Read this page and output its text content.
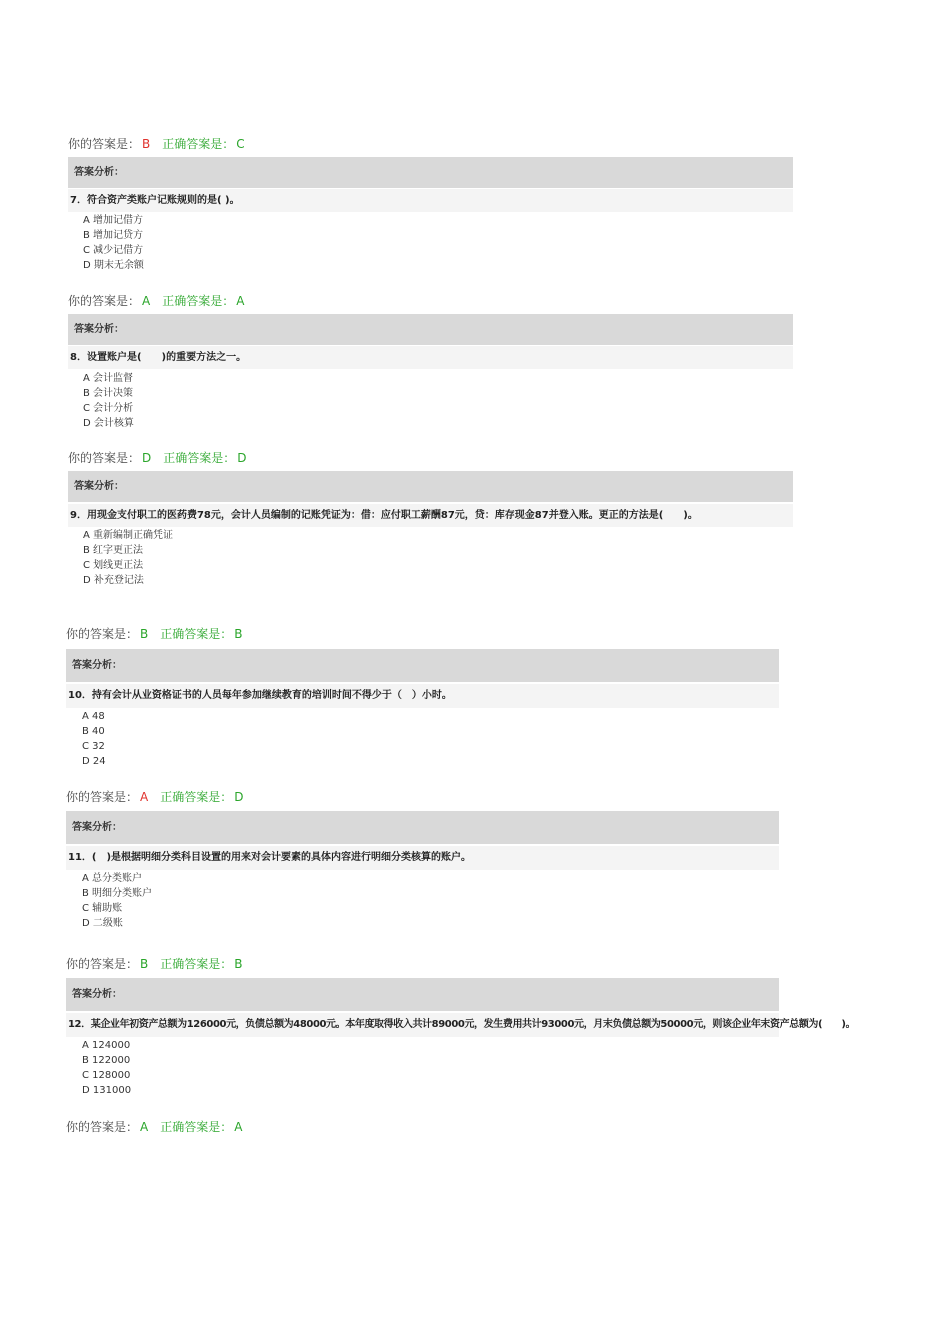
你的答案是： B 正确答案是： C
答案分析：
7．符合资产类账户记账规则的是( )。
A 增加记借方
B 增加记贷方
C 减少记借方
D 期末无余额
你的答案是： A 正确答案是： A
答案分析：
8．设置账户是(　　)的重要方法之一。
A 会计监督
B 会计决策
C 会计分析
D 会计核算
你的答案是： D 正确答案是： D
答案分析：
9．用现金支付职工的医药费78元，会计人员编制的记账凭证为：借：应付职工薪酬87元，贷：库存现金87并登入账。更正的方法是(　　)。
A 重新编制正确凭证
B 红字更正法
C 划线更正法
D 补充登记法
你的答案是： B 正确答案是： B
答案分析：
10．持有会计从业资格证书的人员每年参加继续教育的培训时间不得少于（　）小时。
A 48
B 40
C 32
D 24
你的答案是： A 正确答案是： D
答案分析：
11．(　)是根据明细分类科目设置的用来对会计要素的具体内容进行明细分类核算的账户。
A 总分类账户
B 明细分类账户
C 辅助账
D 二级账
你的答案是： B 正确答案是： B
答案分析：
12．某企业年初资产总额为126000元，负债总额为48000元。本年度取得收入共计89000元，发生费用共计93000元，月末负债总额为50000元，则该企业年末资产总额为(　　)。
A 124000
B 122000
C 128000
D 131000
你的答案是： A 正确答案是： A
